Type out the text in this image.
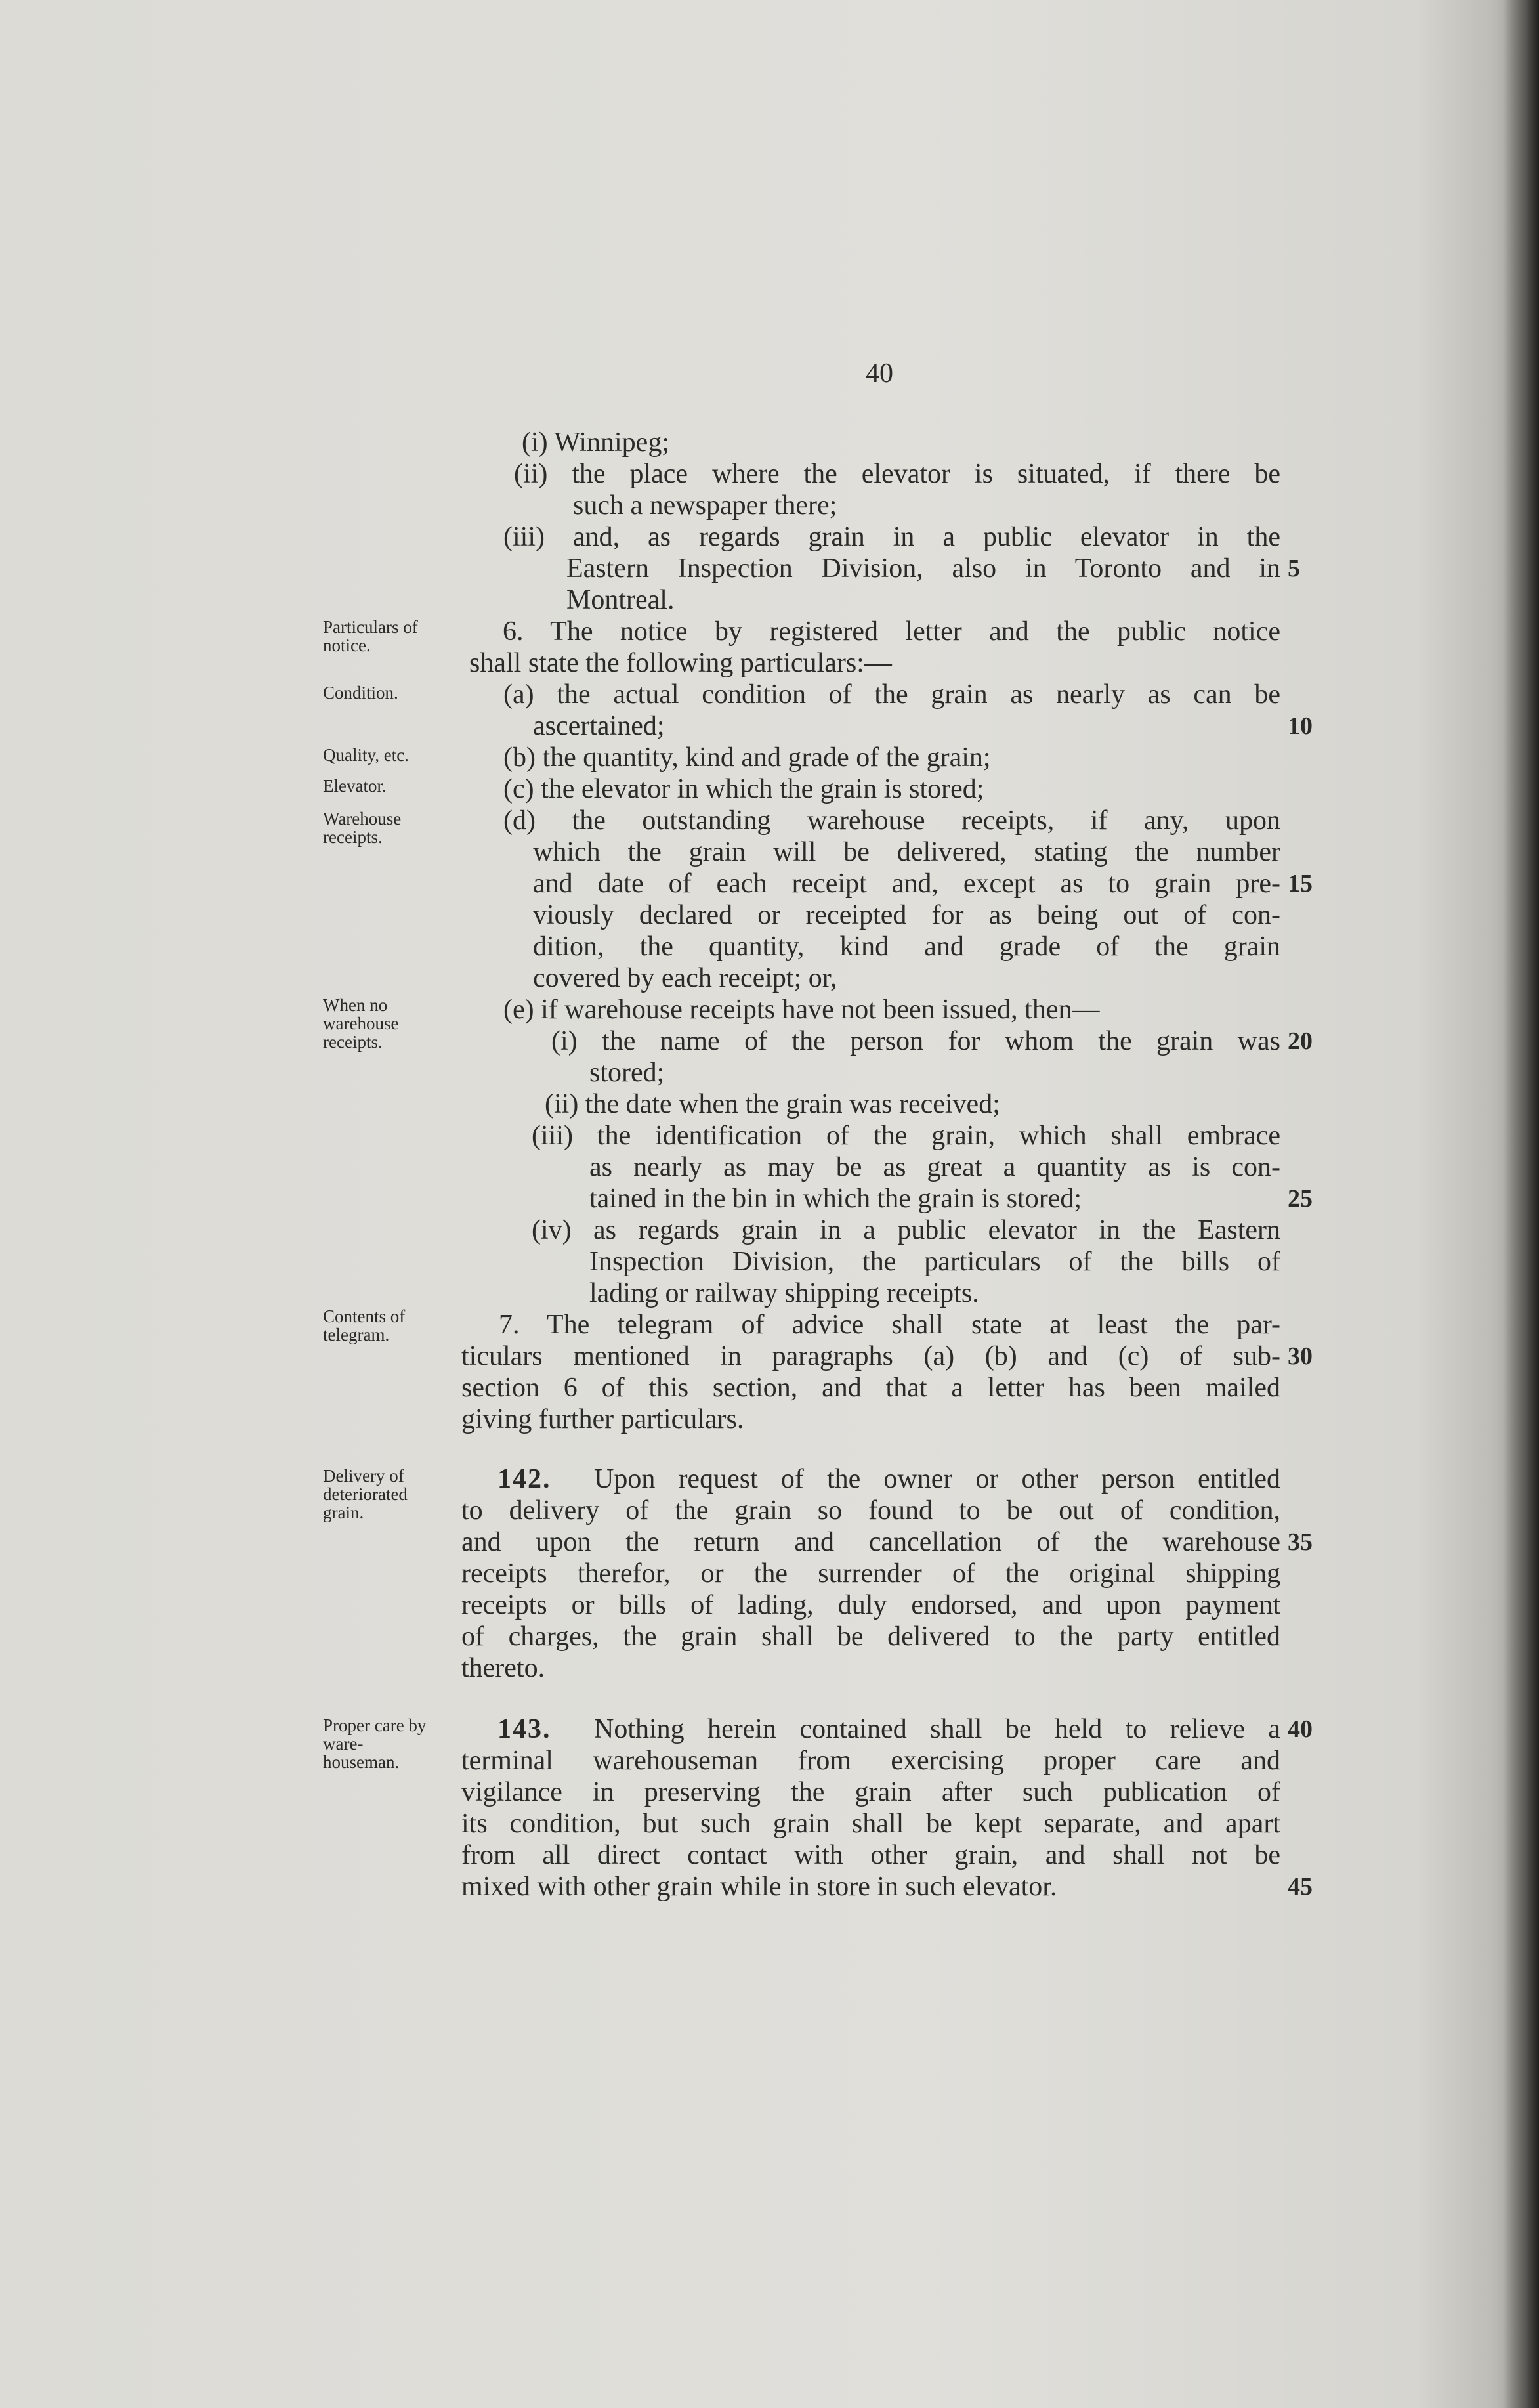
40
(i) Winnipeg;
(ii) the place where the elevator is situated, if there be
such a newspaper there;
(iii) and, as regards grain in a public elevator in the
Eastern Inspection Division, also in Toronto and in
Montreal.
6. The notice by registered letter and the public notice
shall state the following particulars:—
(a) the actual condition of the grain as nearly as can be
ascertained;
(b) the quantity, kind and grade of the grain;
(c) the elevator in which the grain is stored;
(d) the outstanding warehouse receipts, if any, upon
which the grain will be delivered, stating the number
and date of each receipt and, except as to grain pre-
viously declared or receipted for as being out of con-
dition, the quantity, kind and grade of the grain
covered by each receipt; or,
(e) if warehouse receipts have not been issued, then—
(i) the name of the person for whom the grain was
stored;
(ii) the date when the grain was received;
(iii) the identification of the grain, which shall embrace
as nearly as may be as great a quantity as is con-
tained in the bin in which the grain is stored;
(iv) as regards grain in a public elevator in the Eastern
Inspection Division, the particulars of the bills of
lading or railway shipping receipts.
7. The telegram of advice shall state at least the par-
ticulars mentioned in paragraphs (a) (b) and (c) of sub-
section 6 of this section, and that a letter has been mailed
giving further particulars.
142. Upon request of the owner or other person entitled
to delivery of the grain so found to be out of condition,
and upon the return and cancellation of the warehouse
receipts therefor, or the surrender of the original shipping
receipts or bills of lading, duly endorsed, and upon payment
of charges, the grain shall be delivered to the party entitled
thereto.
143. Nothing herein contained shall be held to relieve a
terminal warehouseman from exercising proper care and
vigilance in preserving the grain after such publication of
its condition, but such grain shall be kept separate, and apart
from all direct contact with other grain, and shall not be
mixed with other grain while in store in such elevator.
Particulars of notice.
Condition.
Quality, etc.
Elevator.
Warehouse receipts.
When no warehouse receipts.
Contents of telegram.
Delivery of deteriorated grain.
Proper care by ware-houseman.
5
10
15
20
25
30
35
40
45
